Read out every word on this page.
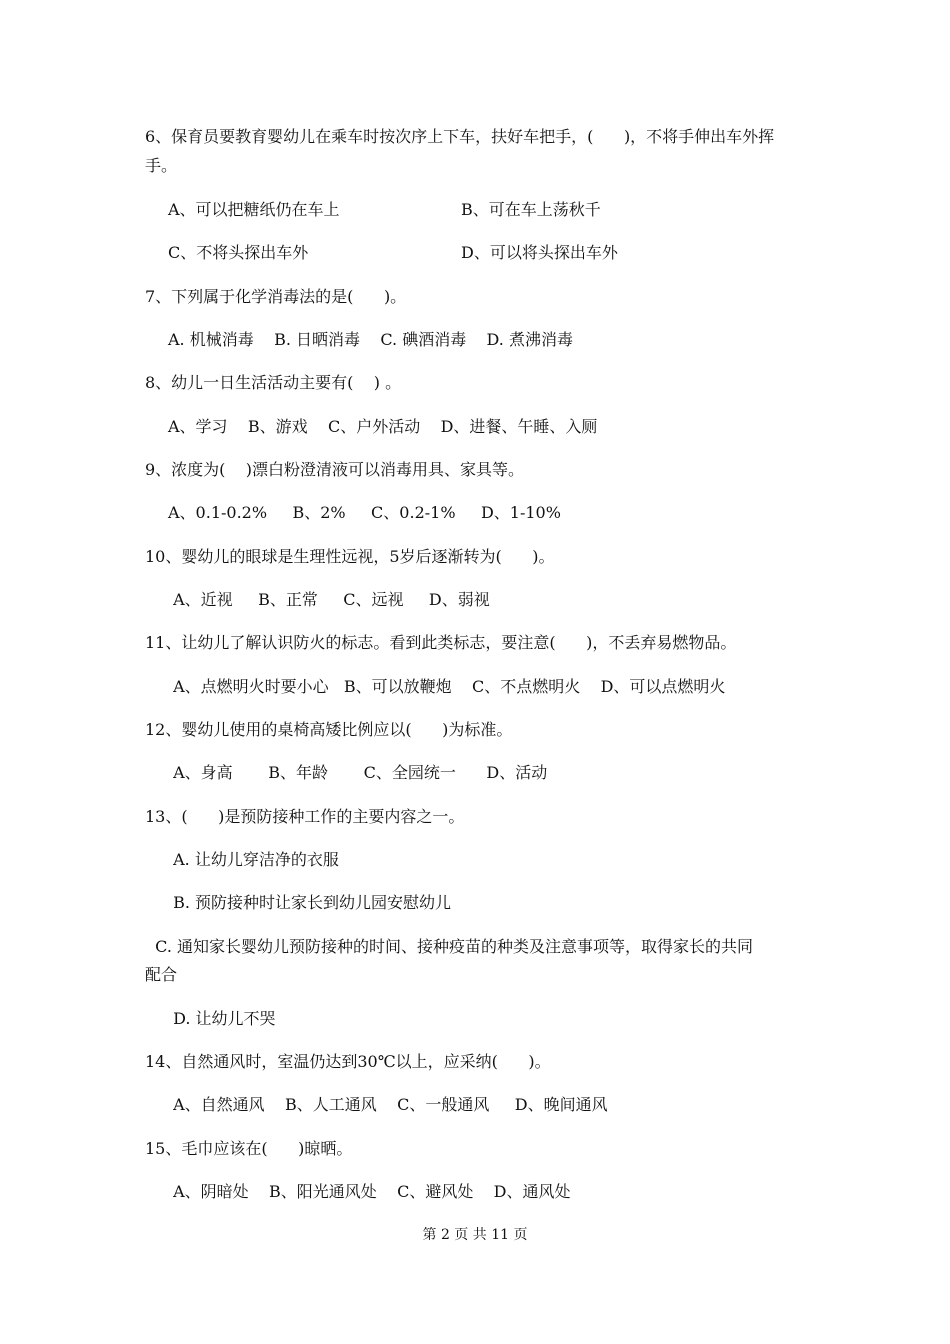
6、保育员要教育婴幼儿在乘车时按次序上下车，扶好车把手，(      )，不将手伸出车外挥
手。
A、可以把糖纸仍在车上	B、可在车上荡秋千
C、不将头探出车外	D、可以将头探出车外
7、下列属于化学消毒法的是(      )。
A. 机械消毒    B. 日晒消毒    C. 碘酒消毒    D. 煮沸消毒
8、幼儿一日生活活动主要有(    ) 。
A、学习    B、游戏    C、户外活动    D、进餐、午睡、入厕
9、浓度为(    )漂白粉澄清液可以消毒用具、家具等。
A、0.1-0.2%     B、2%     C、0.2-1%     D、1-10%
10、婴幼儿的眼球是生理性远视，5岁后逐渐转为(      )。
A、近视     B、正常     C、远视     D、弱视
11、让幼儿了解认识防火的标志。看到此类标志，要注意(      )，不丢弃易燃物品。
A、点燃明火时要小心   B、可以放鞭炮    C、不点燃明火    D、可以点燃明火
12、婴幼儿使用的桌椅高矮比例应以(      )为标准。
A、身高       B、年龄       C、全园统一      D、活动
13、(      )是预防接种工作的主要内容之一。
A. 让幼儿穿洁净的衣服
B. 预防接种时让家长到幼儿园安慰幼儿
C. 通知家长婴幼儿预防接种的时间、接种疫苗的种类及注意事项等，取得家长的共同
配合
D. 让幼儿不哭
14、自然通风时，室温仍达到30℃以上，应采纳(      )。
A、自然通风    B、人工通风    C、一般通风     D、晚间通风
15、毛巾应该在(      )晾晒。
A、阴暗处    B、阳光通风处    C、避风处    D、通风处
第 2 页 共 11 页
